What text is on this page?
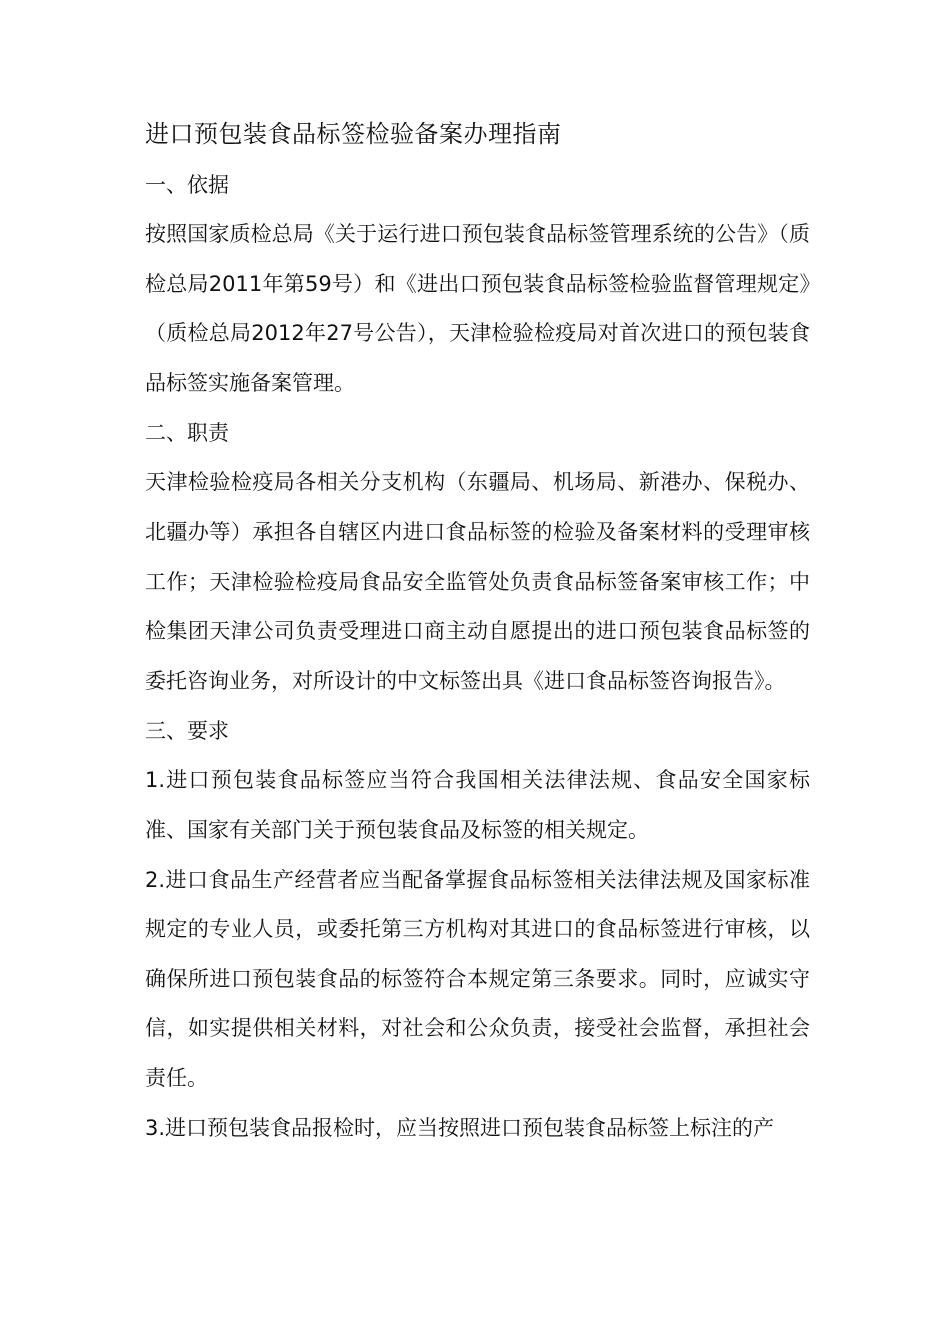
进口预包装食品标签检验备案办理指南
一、依据

按照国家质检总局《关于运行进口预包装食品标签管理系统的公告》（质检总局2011年第59号）和《进出口预包装食品标签检验监督管理规定》（质检总局2012年27号公告），天津检验检疫局对首次进口的预包装食品标签实施备案管理。

二、职责

天津检验检疫局各相关分支机构（东疆局、机场局、新港办、保税办、北疆办等）承担各自辖区内进口食品标签的检验及备案材料的受理审核工作；天津检验检疫局食品安全监管处负责食品标签备案审核工作；中检集团天津公司负责受理进口商主动自愿提出的进口预包装食品标签的委托咨询业务，对所设计的中文标签出具《进口食品标签咨询报告》。

三、要求

1.进口预包装食品标签应当符合我国相关法律法规、食品安全国家标准、国家有关部门关于预包装食品及标签的相关规定。

2.进口食品生产经营者应当配备掌握食品标签相关法律法规及国家标准规定的专业人员，或委托第三方机构对其进口的食品标签进行审核，以确保所进口预包装食品的标签符合本规定第三条要求。同时，应诚实守信，如实提供相关材料，对社会和公众负责，接受社会监督，承担社会责任。

3.进口预包装食品报检时，应当按照进口预包装食品标签上标注的产
